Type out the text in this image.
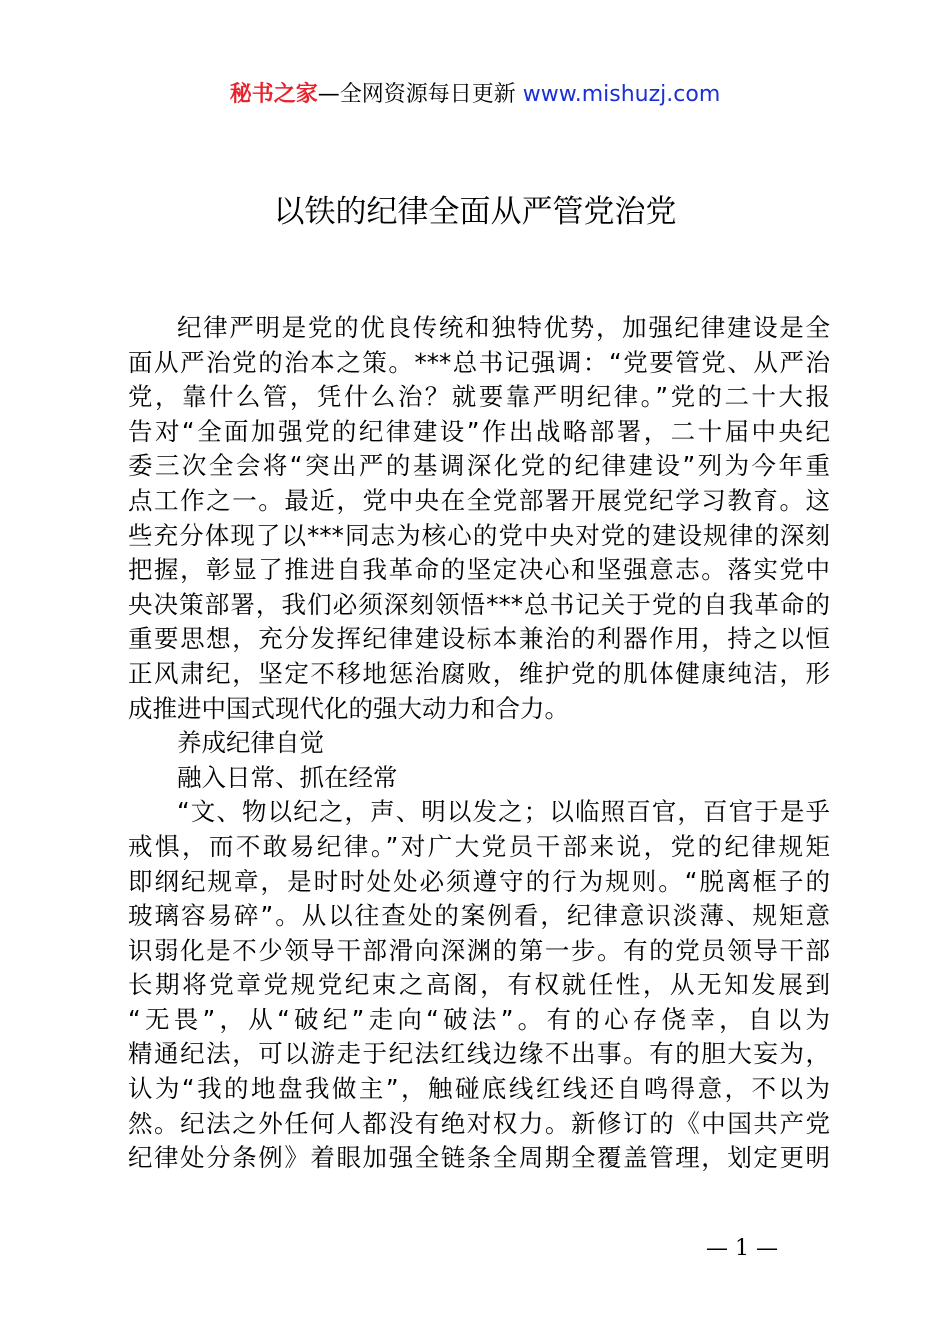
秘书之家—全网资源每日更新 www.mishuzj.com
以铁的纪律全面从严管党治党
纪律严明是党的优良传统和独特优势，加强纪律建设是全
面从严治党的治本之策。***总书记强调：“党要管党、从严治
党，靠什么管，凭什么治？就要靠严明纪律。”党的二十大报
告对“全面加强党的纪律建设”作出战略部署，二十届中央纪
委三次全会将“突出严的基调深化党的纪律建设”列为今年重
点工作之一。最近，党中央在全党部署开展党纪学习教育。这
些充分体现了以***同志为核心的党中央对党的建设规律的深刻
把握，彰显了推进自我革命的坚定决心和坚强意志。落实党中
央决策部署，我们必须深刻领悟***总书记关于党的自我革命的
重要思想，充分发挥纪律建设标本兼治的利器作用，持之以恒
正风肃纪，坚定不移地惩治腐败，维护党的肌体健康纯洁，形
成推进中国式现代化的强大动力和合力。
养成纪律自觉
融入日常、抓在经常
“文、物以纪之，声、明以发之；以临照百官，百官于是乎
戒惧，而不敢易纪律。”对广大党员干部来说，党的纪律规矩
即纲纪规章，是时时处处必须遵守的行为规则。“脱离框子的
玻璃容易碎”。从以往查处的案例看，纪律意识淡薄、规矩意
识弱化是不少领导干部滑向深渊的第一步。有的党员领导干部
长期将党章党规党纪束之高阁，有权就任性，从无知发展到
“无畏”，从“破纪”走向“破法”。有的心存侥幸，自以为
精通纪法，可以游走于纪法红线边缘不出事。有的胆大妄为，
认为“我的地盘我做主”，触碰底线红线还自鸣得意，不以为
然。纪法之外任何人都没有绝对权力。新修订的《中国共产党
纪律处分条例》着眼加强全链条全周期全覆盖管理，划定更明
— 1 —
